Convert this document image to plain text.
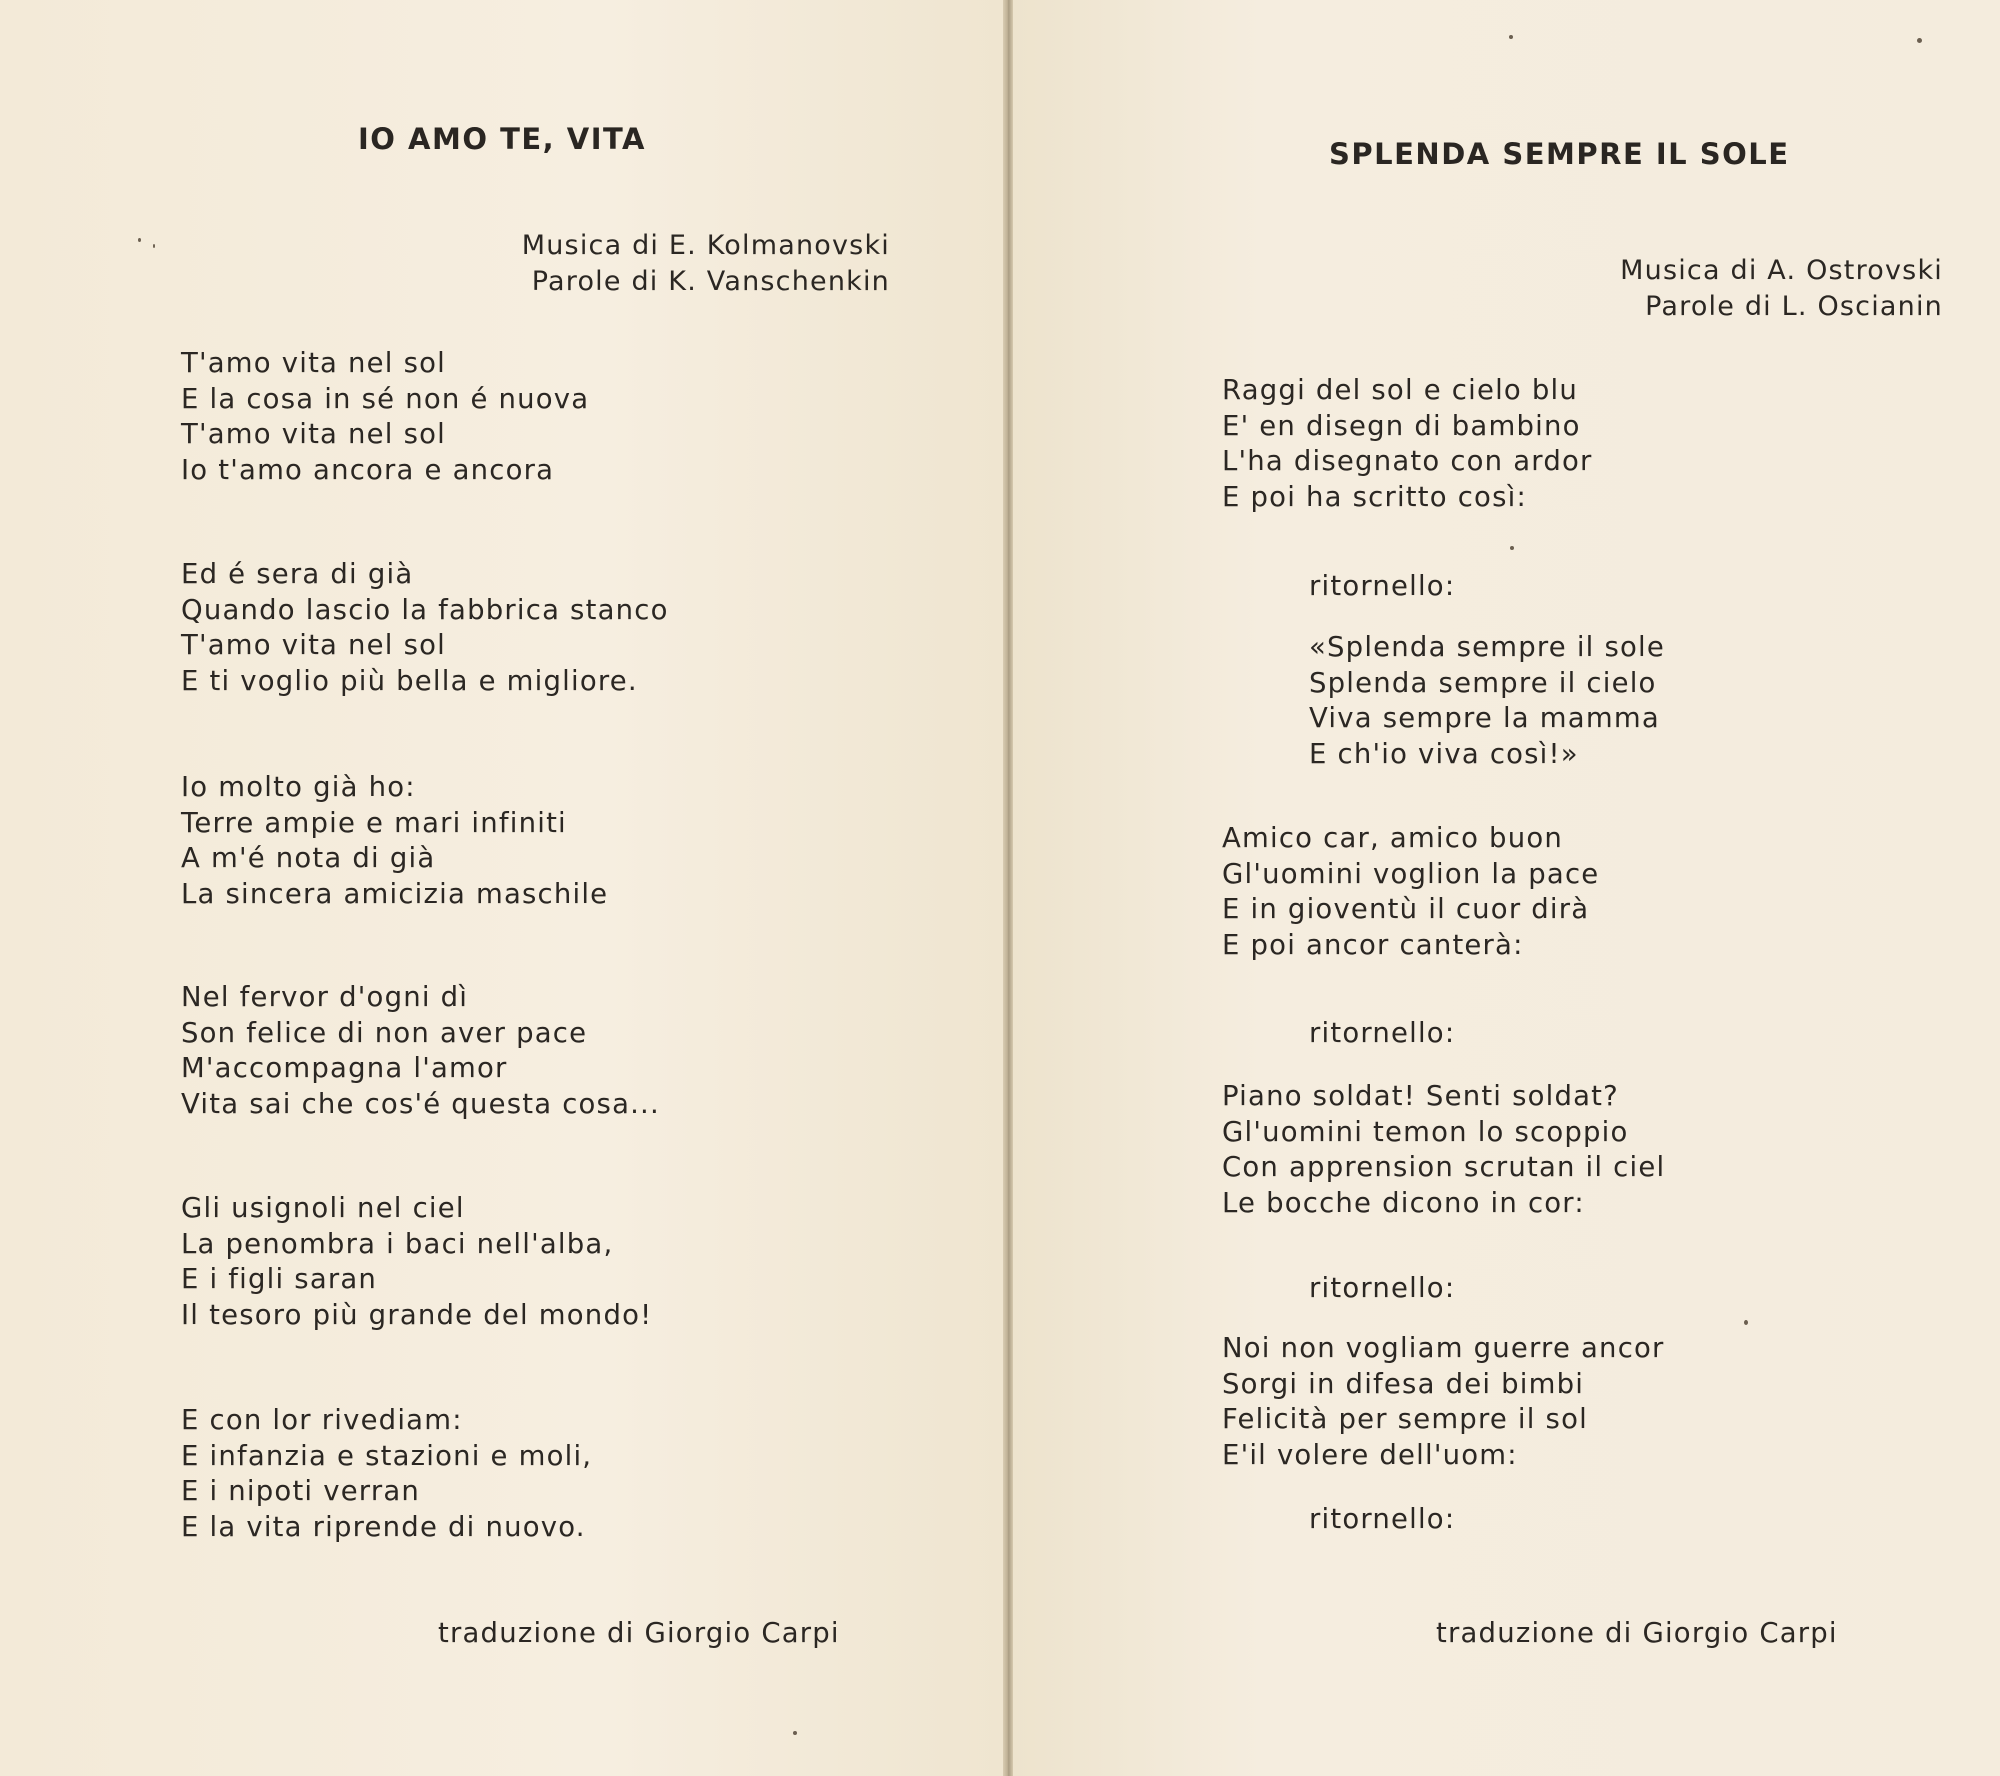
IO AMO TE, VITA
Musica di E. Kolmanovski
Parole di K. Vanschenkin
T'amo vita nel sol
E la cosa in sé non é nuova
T'amo vita nel sol
Io t'amo ancora e ancora
Ed é sera di già
Quando lascio la fabbrica stanco
T'amo vita nel sol
E ti voglio più bella e migliore.
Io molto già ho:
Terre ampie e mari infiniti
A m'é nota di già
La sincera amicizia maschile
Nel fervor d'ogni dì
Son felice di non aver pace
M'accompagna l'amor
Vita sai che cos'é questa cosa...
Gli usignoli nel ciel
La penombra i baci nell'alba,
E i figli saran
Il tesoro più grande del mondo!
E con lor rivediam:
E infanzia e stazioni e moli,
E i nipoti verran
E la vita riprende di nuovo.
traduzione di Giorgio Carpi
SPLENDA SEMPRE IL SOLE
Musica di A. Ostrovski
Parole di L. Oscianin
Raggi del sol e cielo blu
E' en disegn di bambino
L'ha disegnato con ardor
E poi ha scritto così:
Amico car, amico buon
Gl'uomini voglion la pace
E in gioventù il cuor dirà
E poi ancor canterà:
Piano soldat! Senti soldat?
Gl'uomini temon lo scoppio
Con apprension scrutan il ciel
Le bocche dicono in cor:
Noi non vogliam guerre ancor
Sorgi in difesa dei bimbi
Felicità per sempre il sol
E'il volere dell'uom:
ritornello:
«Splenda sempre il sole
Splenda sempre il cielo
Viva sempre la mamma
E ch'io viva così!»
ritornello:
ritornello:
ritornello:
traduzione di Giorgio Carpi
